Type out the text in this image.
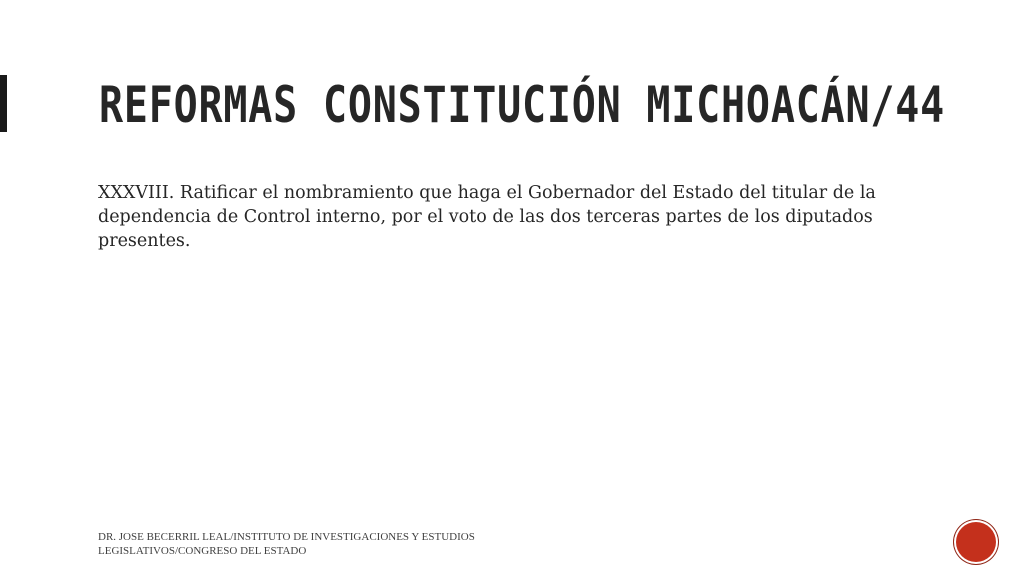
REFORMAS CONSTITUCIÓN MICHOACÁN/44

XXXVIII. Ratificar el nombramiento que haga el Gobernador del Estado del titular de la dependencia de Control interno, por el voto de las dos terceras partes de los diputados presentes.

DR. JOSE BECERRIL LEAL/INSTITUTO DE INVESTIGACIONES Y ESTUDIOS LEGISLATIVOS/CONGRESO DEL ESTADO
